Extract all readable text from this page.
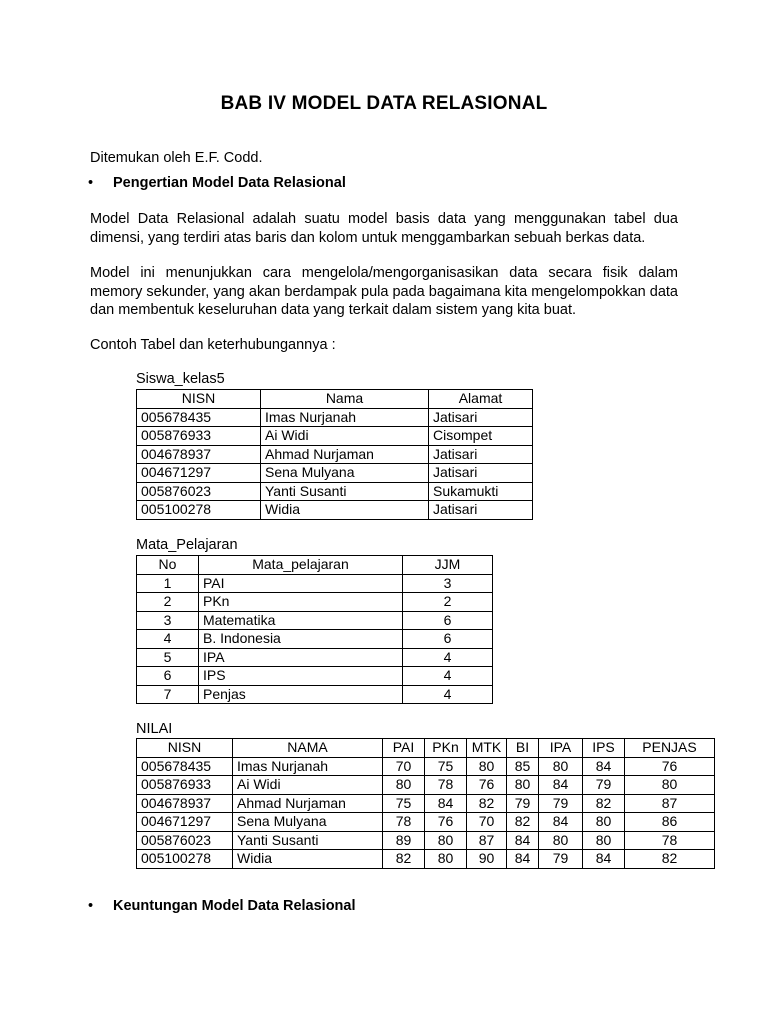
BAB IV MODEL DATA RELASIONAL
Ditemukan oleh E.F. Codd.
• Pengertian Model Data Relasional
Model Data Relasional adalah suatu model basis data yang menggunakan tabel dua dimensi, yang terdiri atas baris dan kolom untuk menggambarkan sebuah berkas data.
Model ini menunjukkan cara mengelola/mengorganisasikan data secara fisik dalam memory sekunder, yang akan berdampak pula pada bagaimana kita mengelompokkan data dan membentuk keseluruhan data yang terkait dalam sistem yang kita buat.
Contoh Tabel dan keterhubungannya :
Siswa_kelas5
NISN	Nama	Alamat
005678435	Imas Nurjanah	Jatisari
005876933	Ai Widi	Cisompet
004678937	Ahmad Nurjaman	Jatisari
004671297	Sena Mulyana	Jatisari
005876023	Yanti Susanti	Sukamukti
005100278	Widia	Jatisari
Mata_Pelajaran
No	Mata_pelajaran	JJM
1	PAI	3
2	PKn	2
3	Matematika	6
4	B. Indonesia	6
5	IPA	4
6	IPS	4
7	Penjas	4
NILAI
NISN	NAMA	PAI	PKn	MTK	BI	IPA	IPS	PENJAS
005678435	Imas Nurjanah	70	75	80	85	80	84	76
005876933	Ai Widi	80	78	76	80	84	79	80
004678937	Ahmad Nurjaman	75	84	82	79	79	82	87
004671297	Sena Mulyana	78	76	70	82	84	80	86
005876023	Yanti Susanti	89	80	87	84	80	80	78
005100278	Widia	82	80	90	84	79	84	82
• Keuntungan Model Data Relasional
